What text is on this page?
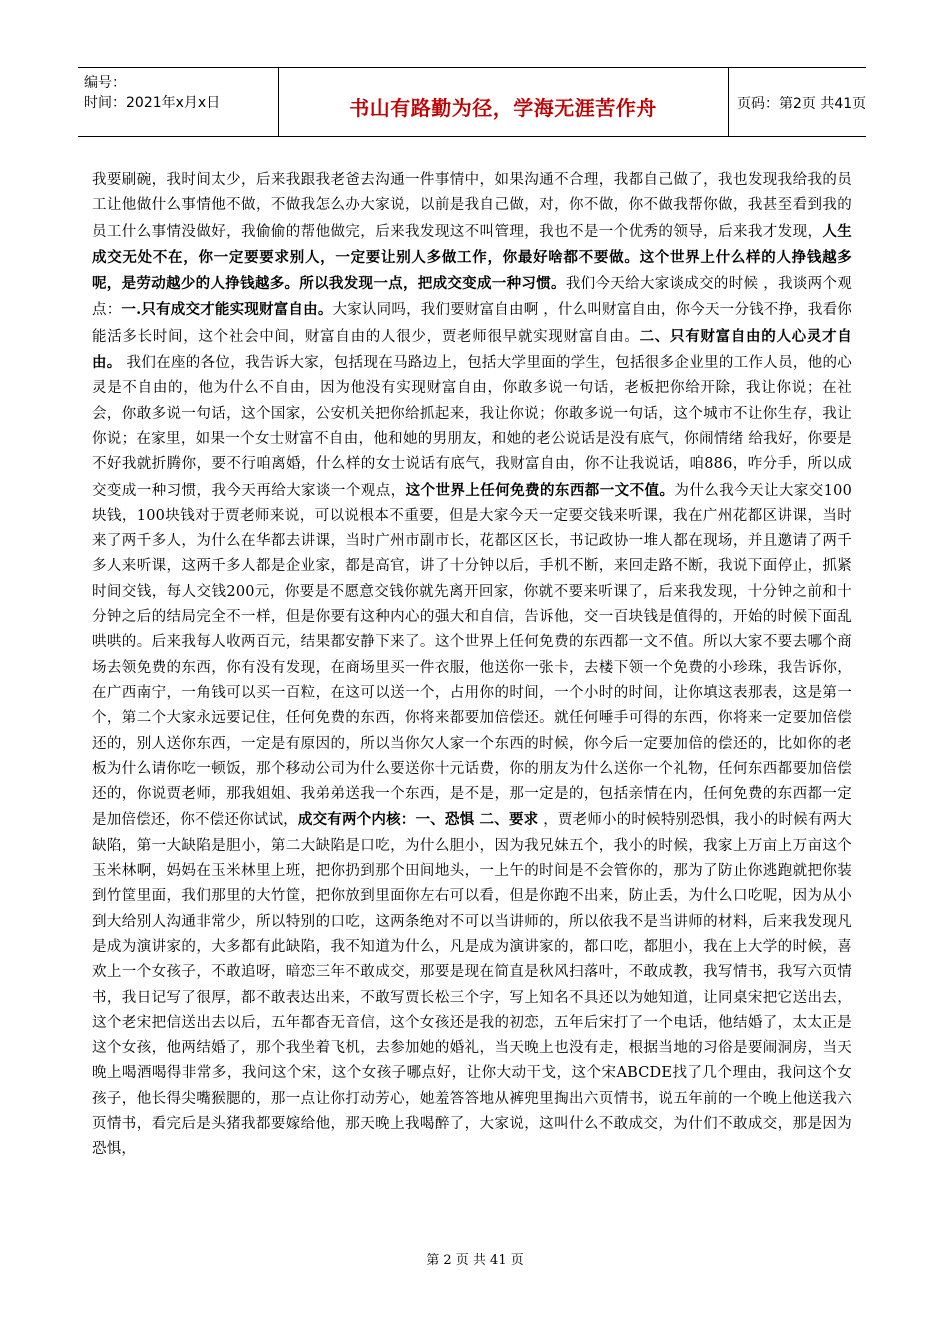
编号：
时间：2021年x月x日	书山有路勤为径，学海无涯苦作舟	页码：第2页 共41页
我要刷碗，我时间太少，后来我跟我老爸去沟通一件事情中，如果沟通不合理，我都自己做了，我也发现我给我的员工让他做什么事情他不做，不做我怎么办大家说，以前是我自己做，对，你不做，你不做我帮你做，我甚至看到我的员工什么事情没做好，我偷偷的帮他做完，后来我发现这不叫管理，我也不是一个优秀的领导，后来我才发现，人生成交无处不在，你一定要要求别人，一定要让别人多做工作，你最好啥都不要做。这个世界上什么样的人挣钱越多呢，是劳动越少的人挣钱越多。所以我发现一点，把成交变成一种习惯。我们今天给大家谈成交的时候 ，我谈两个观点：一.只有成交才能实现财富自由。大家认同吗，我们要财富自由啊 ，什么叫财富自由，你今天一分钱不挣，我看你能活多长时间，这个社会中间，财富自由的人很少，贾老师很早就实现财富自由。二、只有财富自由的人心灵才自由。 我们在座的各位，我告诉大家，包括现在马路边上，包括大学里面的学生，包括很多企业里的工作人员，他的心灵是不自由的，他为什么不自由，因为他没有实现财富自由，你敢多说一句话，老板把你给开除，我让你说；在社会，你敢多说一句话，这个国家，公安机关把你给抓起来，我让你说；你敢多说一句话，这个城市不让你生存，我让你说；在家里，如果一个女士财富不自由，他和她的男朋友，和她的老公说话是没有底气，你闹情绪 给我好，你要是不好我就折腾你，要不行咱离婚，什么样的女士说话有底气，我财富自由，你不让我说话，咱886，咋分手，所以成交变成一种习惯，我今天再给大家谈一个观点，这个世界上任何免费的东西都一文不值。为什么我今天让大家交100块钱，100块钱对于贾老师来说，可以说根本不重要，但是大家今天一定要交钱来听课，我在广州花都区讲课，当时来了两千多人，为什么在华都去讲课，当时广州市副市长，花都区区长，书记政协一堆人都在现场，并且邀请了两千多人来听课，这两千多人都是企业家，都是高官，讲了十分钟以后，手机不断，来回走路不断，我说下面停止，抓紧时间交钱，每人交钱200元，你要是不愿意交钱你就先离开回家，你就不要来听课了，后来我发现，十分钟之前和十分钟之后的结局完全不一样，但是你要有这种内心的强大和自信，告诉他，交一百块钱是值得的，开始的时候下面乱哄哄的。后来我每人收两百元，结果都安静下来了。这个世界上任何免费的东西都一文不值。所以大家不要去哪个商场去领免费的东西，你有没有发现，在商场里买一件衣服，他送你一张卡，去楼下领一个免费的小珍珠，我告诉你，在广西南宁，一角钱可以买一百粒，在这可以送一个，占用你的时间，一个小时的时间，让你填这表那表，这是第一个，第二个大家永远要记住，任何免费的东西，你将来都要加倍偿还。就任何唾手可得的东西，你将来一定要加倍偿还的，别人送你东西，一定是有原因的，所以当你欠人家一个东西的时候，你今后一定要加倍的偿还的，比如你的老板为什么请你吃一顿饭，那个移动公司为什么要送你十元话费，你的朋友为什么送你一个礼物，任何东西都要加倍偿还的，你说贾老师，那我姐姐、我弟弟送我一个东西，是不是，那一定是的，包括亲情在内，任何免费的东西都一定是加倍偿还，你不偿还你试试，成交有两个内核：一、恐惧 二、要求 ，贾老师小的时候特别恐惧，我小的时候有两大缺陷，第一大缺陷是胆小，第二大缺陷是口吃，为什么胆小，因为我兄妹五个，我小的时候，我家上万亩上万亩这个玉米林啊，妈妈在玉米林里上班，把你扔到那个田间地头，一上午的时间是不会管你的，那为了防止你逃跑就把你装到竹筐里面，我们那里的大竹筐，把你放到里面你左右可以看，但是你跑不出来，防止丢，为什么口吃呢，因为从小到大给别人沟通非常少，所以特别的口吃，这两条绝对不可以当讲师的，所以依我不是当讲师的材料，后来我发现凡是成为演讲家的，大多都有此缺陷，我不知道为什么，凡是成为演讲家的，都口吃，都胆小，我在上大学的时候，喜欢上一个女孩子，不敢追呀，暗恋三年不敢成交，那要是现在简直是秋风扫落叶，不敢成教，我写情书，我写六页情书，我日记写了很厚，都不敢表达出来，不敢写贾长松三个字，写上知名不具还以为她知道，让同桌宋把它送出去，这个老宋把信送出去以后，五年都杳无音信，这个女孩还是我的初恋，五年后宋打了一个电话，他结婚了，太太正是这个女孩，他两结婚了，那个我坐着飞机，去参加她的婚礼，当天晚上也没有走，根据当地的习俗是要闹洞房，当天晚上喝酒喝得非常多，我问这个宋，这个女孩子哪点好，让你大动干戈，这个宋ABCDE找了几个理由，我问这个女孩子，他长得尖嘴猴腮的，那一点让你打动芳心，她羞答答地从裤兜里掏出六页情书，说五年前的一个晚上他送我六页情书，看完后是头猪我都要嫁给他，那天晚上我喝醉了，大家说，这叫什么不敢成交，为什们不敢成交，那是因为恐惧，
第 2 页 共 41 页
